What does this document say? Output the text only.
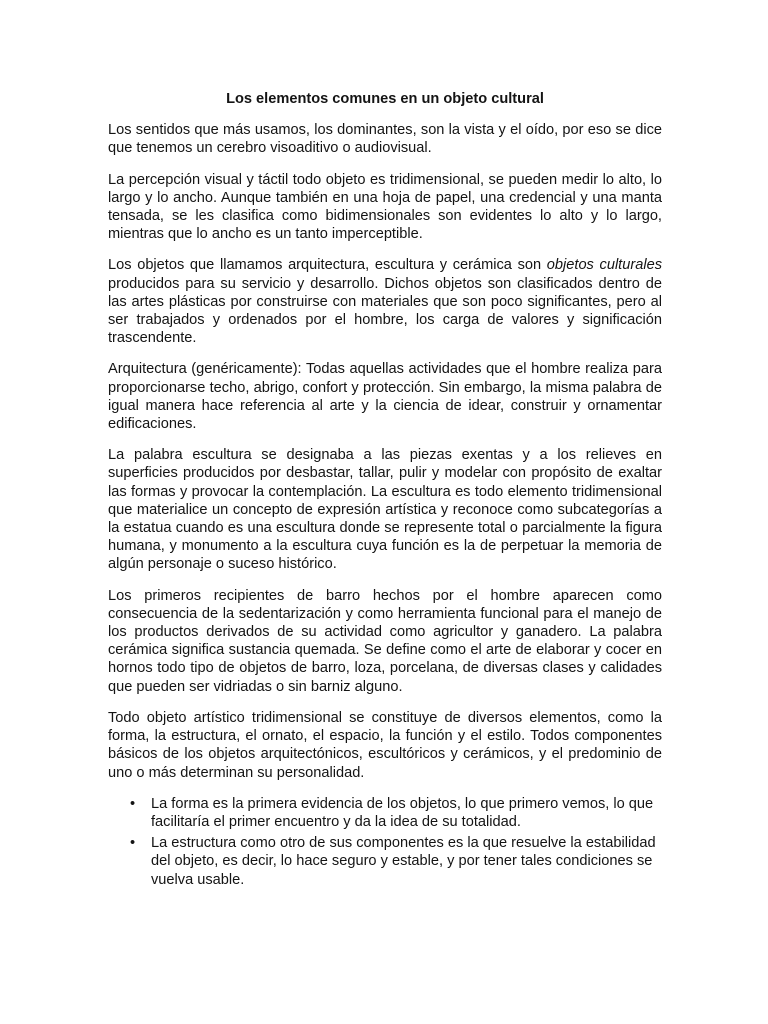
Los elementos comunes en un objeto cultural

Los sentidos que más usamos, los dominantes, son la vista y el oído, por eso se dice que tenemos un cerebro visoaditivo o audiovisual.

La percepción visual y táctil todo objeto es tridimensional, se pueden medir lo alto, lo largo y lo ancho. Aunque también en una hoja de papel, una credencial y una manta tensada, se les clasifica como bidimensionales son evidentes lo alto y lo largo, mientras que lo ancho es un tanto imperceptible.

Los objetos que llamamos arquitectura, escultura y cerámica son objetos culturales producidos para su servicio y desarrollo. Dichos objetos son clasificados dentro de las artes plásticas por construirse con materiales que son poco significantes, pero al ser trabajados y ordenados por el hombre, los carga de valores y significación trascendente.

Arquitectura (genéricamente): Todas aquellas actividades que el hombre realiza para proporcionarse techo, abrigo, confort y protección. Sin embargo, la misma palabra de igual manera hace referencia al arte y la ciencia de idear, construir y ornamentar edificaciones.

La palabra escultura se designaba a las piezas exentas y a los relieves en superficies producidos por desbastar, tallar, pulir y modelar con propósito de exaltar las formas y provocar la contemplación. La escultura es todo elemento tridimensional que materialice un concepto de expresión artística y reconoce como subcategorías a la estatua cuando es una escultura donde se represente total o parcialmente la figura humana, y monumento a la escultura cuya función es la de perpetuar la memoria de algún personaje o suceso histórico.

Los primeros recipientes de barro hechos por el hombre aparecen como consecuencia de la sedentarización y como herramienta funcional para el manejo de los productos derivados de su actividad como agricultor y ganadero. La palabra cerámica significa sustancia quemada. Se define como el arte de elaborar y cocer en hornos todo tipo de objetos de barro, loza, porcelana, de diversas clases y calidades que pueden ser vidriadas o sin barniz alguno.

Todo objeto artístico tridimensional se constituye de diversos elementos, como la forma, la estructura, el ornato, el espacio, la función y el estilo. Todos componentes básicos de los objetos arquitectónicos, escultóricos y cerámicos, y el predominio de uno o más determinan su personalidad.

• La forma es la primera evidencia de los objetos, lo que primero vemos, lo que facilitaría el primer encuentro y da la idea de su totalidad.
• La estructura como otro de sus componentes es la que resuelve la estabilidad del objeto, es decir, lo hace seguro y estable, y por tener tales condiciones se vuelva usable.
